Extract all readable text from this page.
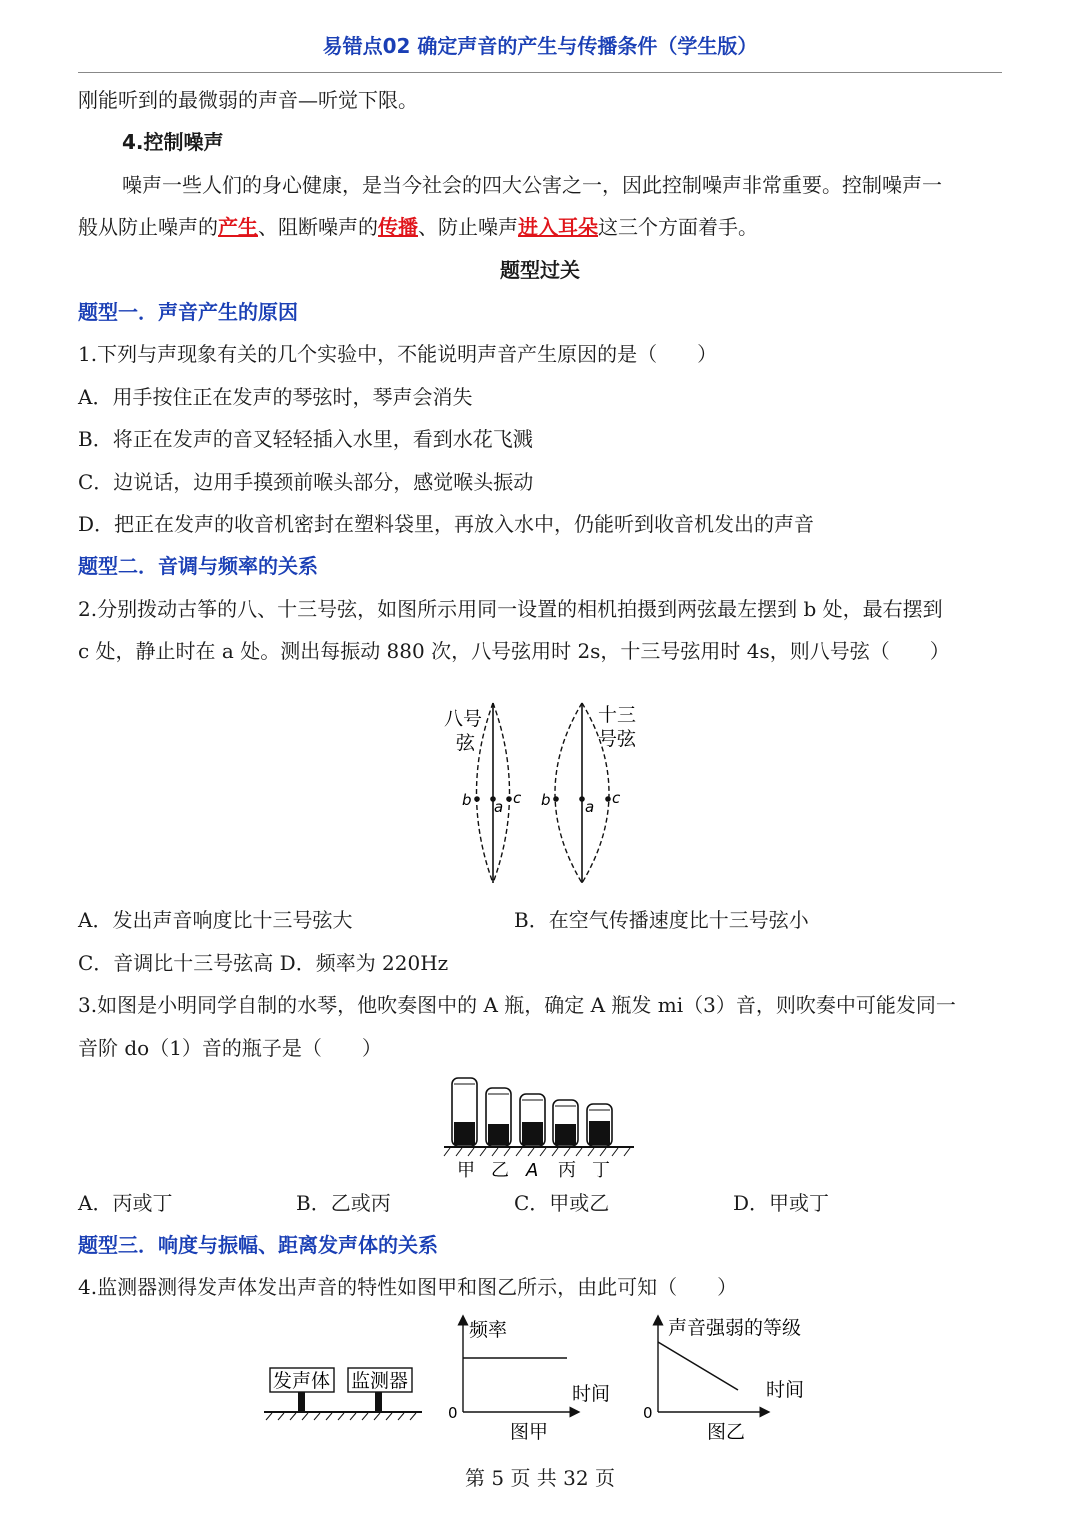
易错点02 确定声音的产生与传播条件（学生版）
刚能听到的最微弱的声音—听觉下限。
4.控制噪声
噪声一些人们的身心健康，是当今社会的四大公害之一，因此控制噪声非常重要。控制噪声一
般从防止噪声的产生、阻断噪声的传播、防止噪声进入耳朵这三个方面着手。
题型过关
题型一．声音产生的原因
1.下列与声现象有关的几个实验中，不能说明声音产生原因的是（　　）
A．用手按住正在发声的琴弦时，琴声会消失
B．将正在发声的音叉轻轻插入水里，看到水花飞溅
C．边说话，边用手摸颈前喉头部分，感觉喉头振动
D．把正在发声的收音机密封在塑料袋里，再放入水中，仍能听到收音机发出的声音
题型二．音调与频率的关系
2.分别拨动古筝的八、十三号弦，如图所示用同一设置的相机拍摄到两弦最左摆到 b 处，最右摆到
c 处，静止时在 a 处。测出每振动 880 次，八号弦用时 2s，十三号弦用时 4s，则八号弦（　　）
b a c
八号
弦
b a c
十三
号弦
A．发出声音响度比十三号弦大	B．在空气传播速度比十三号弦小
C．音调比十三号弦高 D．频率为 220Hz
3.如图是小明同学自制的水琴，他吹奏图中的 A 瓶，确定 A 瓶发 mi（3）音，则吹奏中可能发同一
音阶 do（1）音的瓶子是（　　）
甲 乙 A 丙 丁
A．丙或丁	B．乙或丙	C．甲或乙	D．甲或丁
题型三．响度与振幅、距离发声体的关系
4.监测器测得发声体发出声音的特性如图甲和图乙所示，由此可知（　　）
发声体 监测器
频率
时间
0
图甲
声音强弱的等级
时间
0
图乙
第 5 页 共 32 页
